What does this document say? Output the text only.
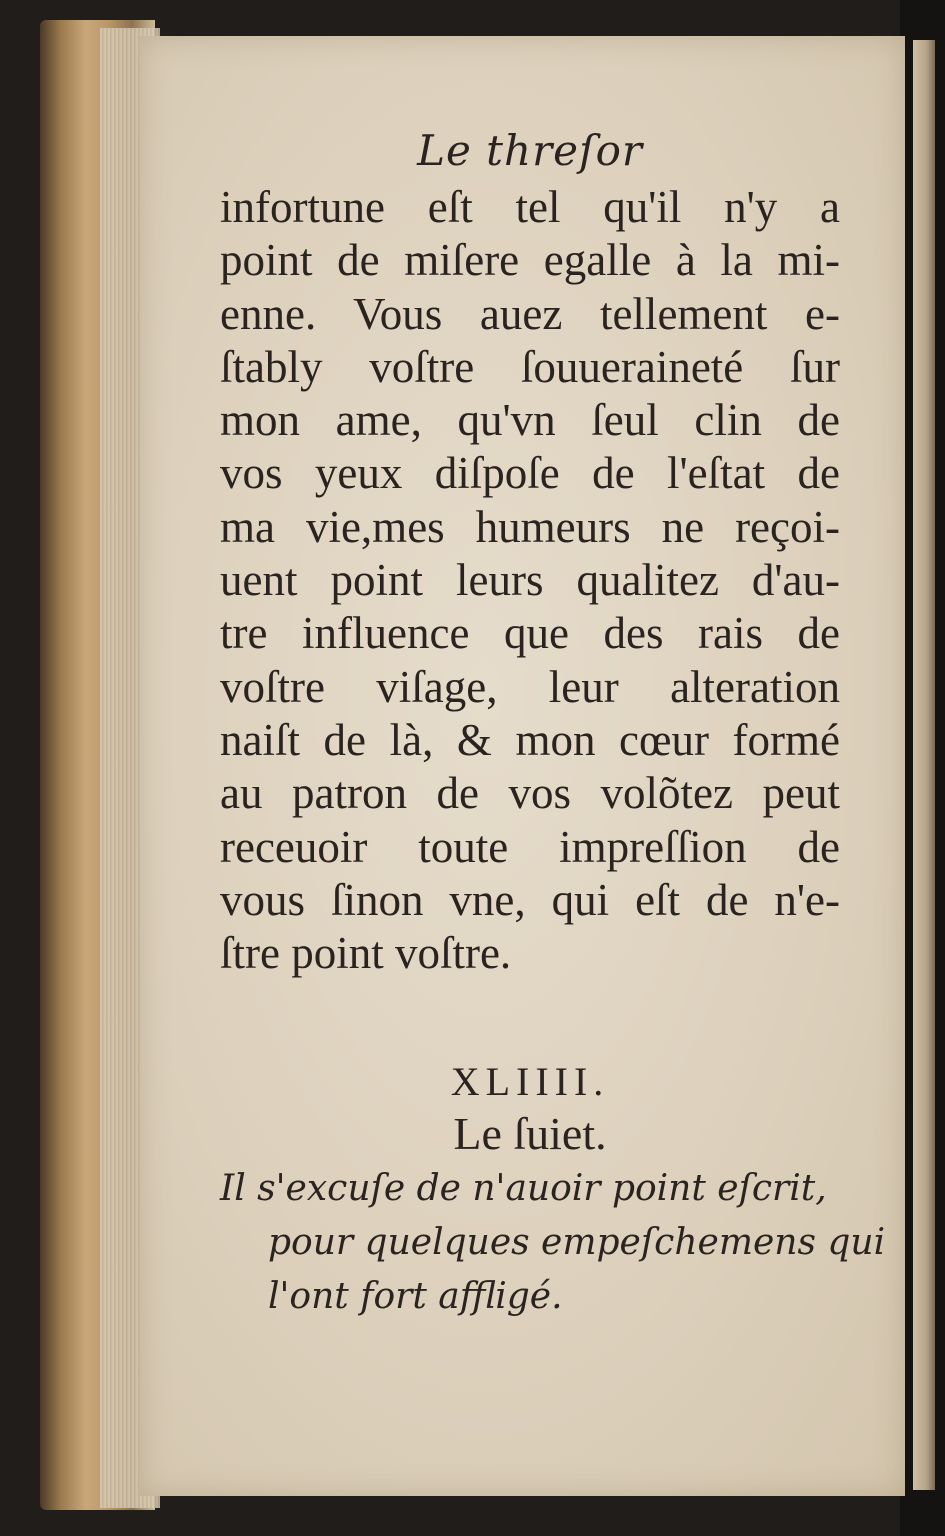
Le threſor
infortune eſt tel qu'il n'y a
point de miſere egalle à la mi-
enne. Vous auez tellement e-
ſtably voſtre ſouueraineté ſur
mon ame, qu'vn ſeul clin de
vos yeux diſpoſe de l'eſtat de
ma vie,mes humeurs ne reçoi-
uent point leurs qualitez d'au-
tre influence que des rais de
voſtre viſage, leur alteration
naiſt de là, & mon cœur formé
au patron de vos volõtez peut
receuoir toute impreſſion de
vous ſinon vne, qui eſt de n'e-
ſtre point voſtre.
XLIIII.
Le ſuiet.
Il s'excuſe de n'auoir point eſcrit,
pour quelques empeſchemens qui
l'ont fort affligé.
